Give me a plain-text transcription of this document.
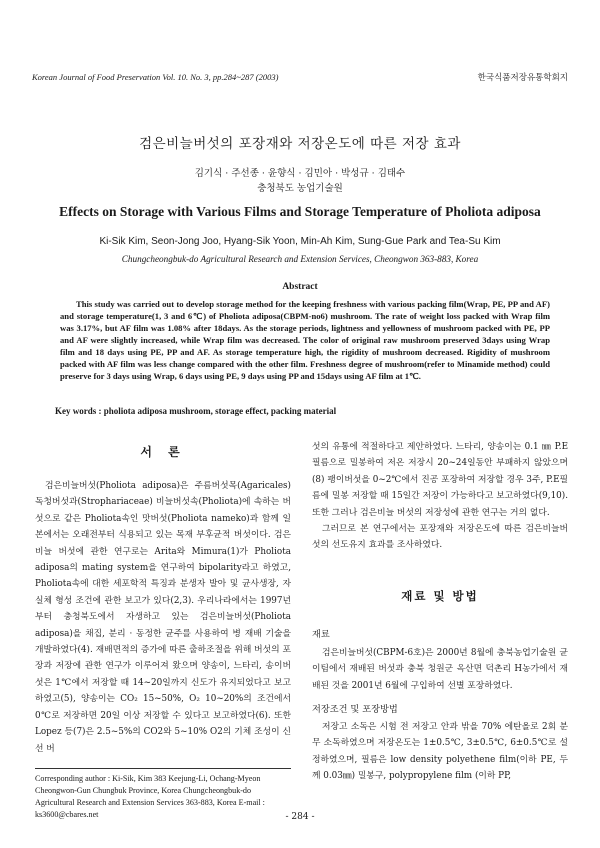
Korean Journal of Food Preservation Vol. 10. No. 3, pp.284~287 (2003)	한국식품저장유통학회지
검은비늘버섯의 포장재와 저장온도에 따른 저장 효과
김기식 · 주선종 · 윤향식 · 김민아 · 박성규 · 김태수
충청북도 농업기술원
Effects on Storage with Various Films and Storage Temperature of Pholiota adiposa
Ki-Sik Kim, Seon-Jong Joo, Hyang-Sik Yoon, Min-Ah Kim, Sung-Gue Park and Tea-Su Kim
Chungcheongbuk-do Agricultural Research and Extension Services, Cheongwon 363-883, Korea
Abstract
This study was carried out to develop storage method for the keeping freshness with various packing film(Wrap, PE, PP and AF) and storage temperature(1, 3 and 6℃) of Pholiota adiposa(CBPM-no6) mushroom. The rate of weight loss packed with Wrap film was 3.17%, but AF film was 1.08% after 18days. As the storage periods, lightness and yellowness of mushroom packed with PE, PP and AF were slightly increased, while Wrap film was decreased. The color of original raw mushroom preserved 3days using Wrap film and 18 days using PE, PP and AF. As storage temperature high, the rigidity of mushroom decreased. Rigidity of mushroom packed with AF film was less change compared with the other film. Freshness degree of mushroom(refer to Minamide method) could preserve for 3 days using Wrap, 6 days using PE, 9 days using PP and 15days using AF film at 1℃.
Key words : pholiota adiposa mushroom, storage effect, packing material
서 론

검은비늘버섯(Pholiota adiposa)은 주름버섯목(Agaricales) 독청버섯과(Strophariaceae) 비늘버섯속(Pholiota)에 속하는 버섯으로 같은 Pholiota속인 맛버섯(Pholiota nameko)과 함께 일본에서는 오래전부터 식용되고 있는 목재 부후균적 버섯이다. 검은비늘 버섯에 관한 연구로는 Arita와 Mimura(1)가 Pholiota adiposa의 mating system을 연구하여 bipolarity라고 하였고, Pholiota속에 대한 세포학적 특징과 분생자 발아 및 균사생장, 자실체 형성 조건에 관한 보고가 있다(2,3). 우리나라에서는 1997년부터 충청북도에서 자생하고 있는 검은비늘버섯(Pholiota adiposa)을 채집, 분리 · 동정한 균주를 사용하여 병 재배 기술을 개발하였다(4). 재배면적의 증가에 따른 출하조절을 위해 버섯의 포장과 저장에 관한 연구가 이루어져 왔으며 양송이, 느타리, 송이버섯은 1℃에서 저장할 때 14~20일까지 신도가 유지되었다고 보고하였고(5), 양송이는 CO₂ 15~50%, O₂ 10~20%의 조건에서 0℃로 저장하면 20일 이상 저장할 수 있다고 보고하였다(6). 또한 Lopez 등(7)은 2.5~5%의 CO2와 5~10% O2의 기체 조성이 신선 버

섯의 유통에 적절하다고 제안하였다. 느타리, 양송이는 0.1 ㎜ P.E 필름으로 밀봉하여 저온 저장시 20~24일동안 부패하지 않았으며(8) 팽이버섯을 0~2℃에서 진공 포장하여 저장할 경우 3주, P.E필름에 밀봉 저장할 때 15일간 저장이 가능하다고 보고하였다(9,10). 또한 그러나 검은비늘 버섯의 저장성에 관한 연구는 거의 없다.

그러므로 본 연구에서는 포장재와 저장온도에 따른 검은비늘버섯의 선도유지 효과를 조사하였다.

재료 및 방법
재료

검은비늘버섯(CBPM-6호)은 2000년 8월에 충북농업기술원 균이팀에서 재배된 버섯과 충북 청원군 옥산면 덕촌리 H농가에서 재배된 것을 2001년 6월에 구입하여 선별 포장하였다.

저장조건 및 포장방법

저장고 소독은 시험 전 저장고 안과 밖을 70% 에탄올로 2회 분무 소독하였으며 저장온도는 1±0.5℃, 3±0.5℃, 6±0.5℃로 설정하였으며, 필름은 low density polyethene film(이하 PE, 두께 0.03㎜) 밀봉구, polypropylene film (이하 PP,

Corresponding author : Ki-Sik, Kim 383 Keejung-Li, Ochang-Myeon Cheongwon-Gun Chungbuk Province, Korea Chungcheongbuk-do Agricultural Research and Extension Services 363-883, Korea E-mail : ks3600@cbares.net	- 284 -
